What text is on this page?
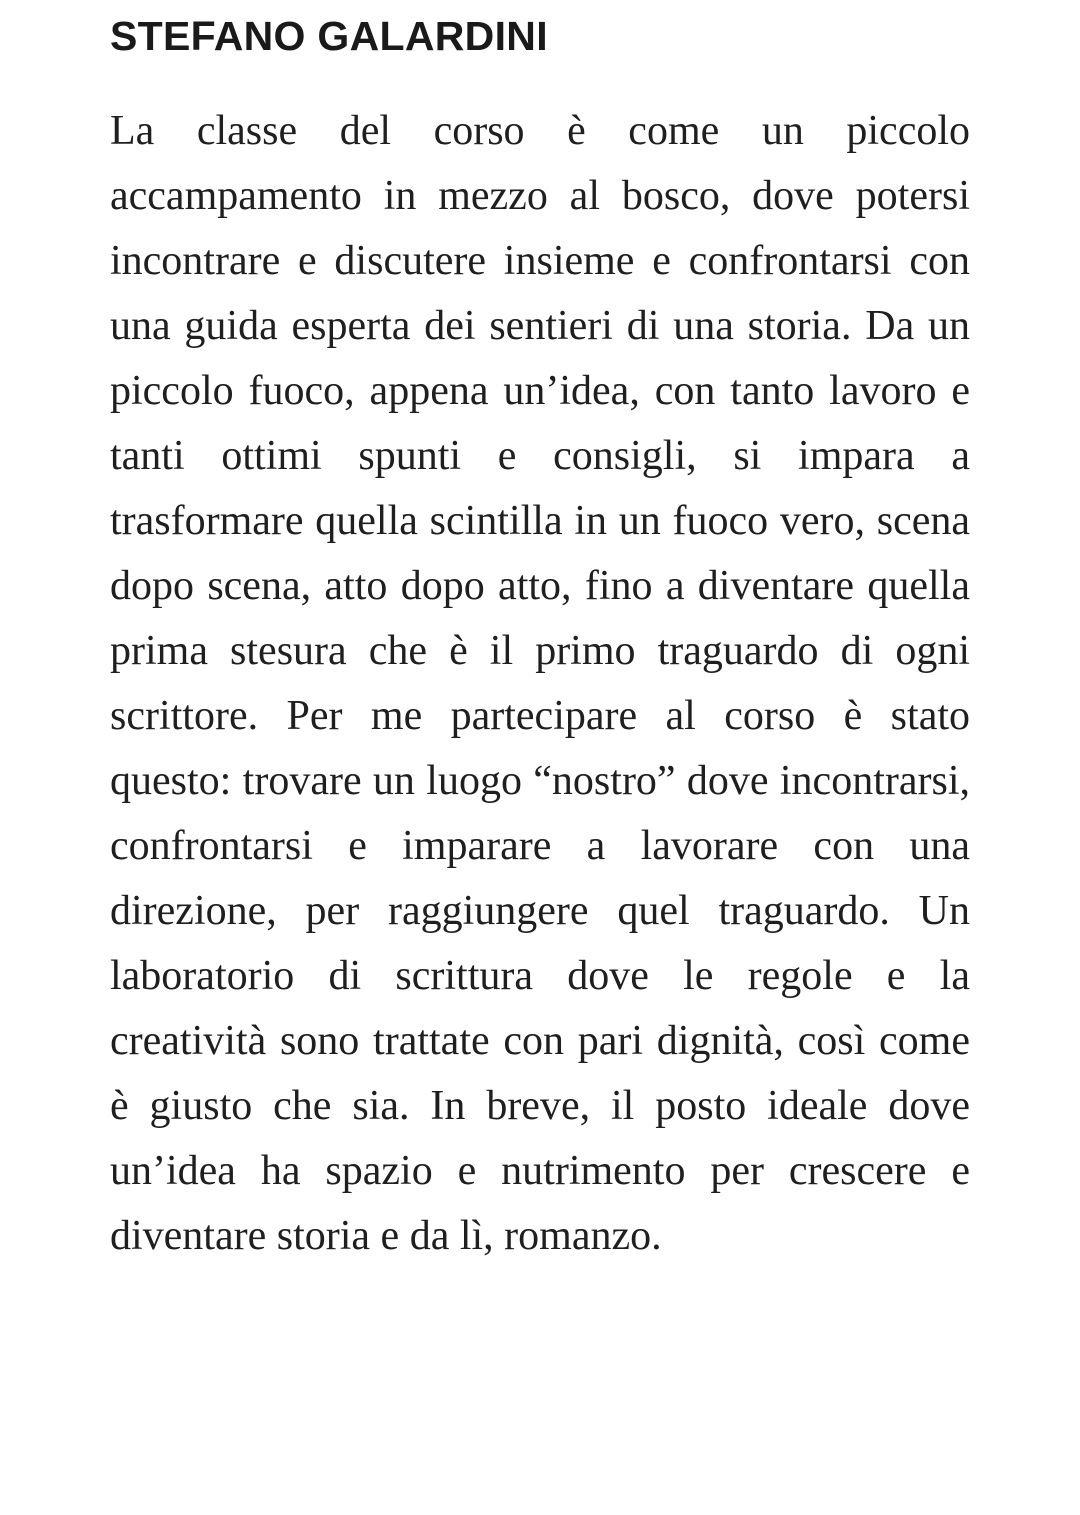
STEFANO GALARDINI

La classe del corso è come un piccolo accampamento in mezzo al bosco, dove potersi incontrare e discutere insieme e confrontarsi con una guida esperta dei sentieri di una storia. Da un piccolo fuoco, appena un’idea, con tanto lavoro e tanti ottimi spunti e consigli, si impara a trasformare quella scintilla in un fuoco vero, scena dopo scena, atto dopo atto, fino a diventare quella prima stesura che è il primo traguardo di ogni scrittore. Per me partecipare al corso è stato questo: trovare un luogo “nostro” dove incontrarsi, confrontarsi e imparare a lavorare con una direzione, per raggiungere quel traguardo. Un laboratorio di scrittura dove le regole e la creatività sono trattate con pari dignità, così come è giusto che sia. In breve, il posto ideale dove un’idea ha spazio e nutrimento per crescere e diventare storia e da lì, romanzo.
